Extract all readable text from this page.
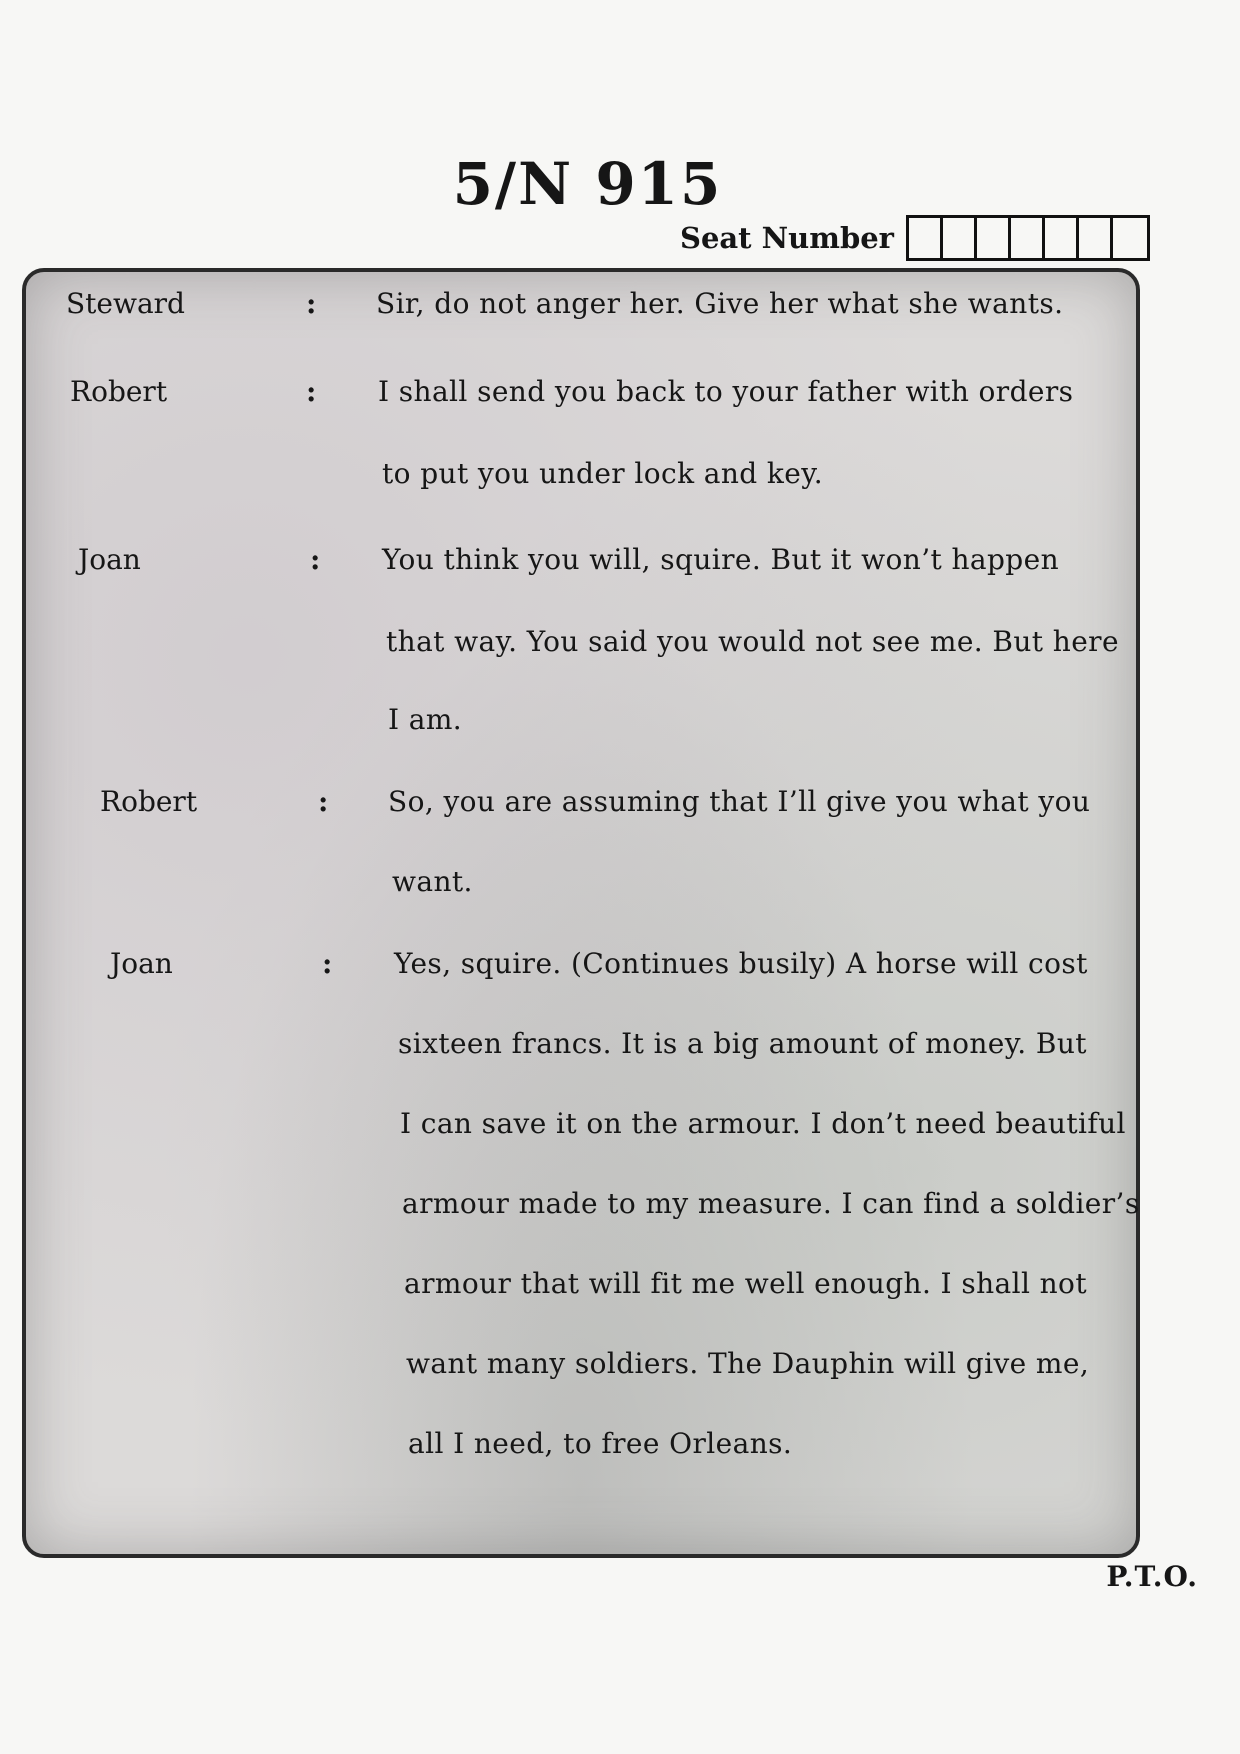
5/N 915
Seat Number
Steward	: Sir, do not anger her. Give her what she wants.
Robert	: I shall send you back to your father with orders
to put you under lock and key.
Joan	: You think you will, squire. But it won’t happen
that way. You said you would not see me. But here
I am.
Robert	: So, you are assuming that I’ll give you what you
want.
Joan	: Yes, squire. (Continues busily) A horse will cost
sixteen francs. It is a big amount of money. But
I can save it on the armour. I don’t need beautiful
armour made to my measure. I can find a soldier’s
armour that will fit me well enough. I shall not
want many soldiers. The Dauphin will give me,
all I need, to free Orleans.
P.T.O.
